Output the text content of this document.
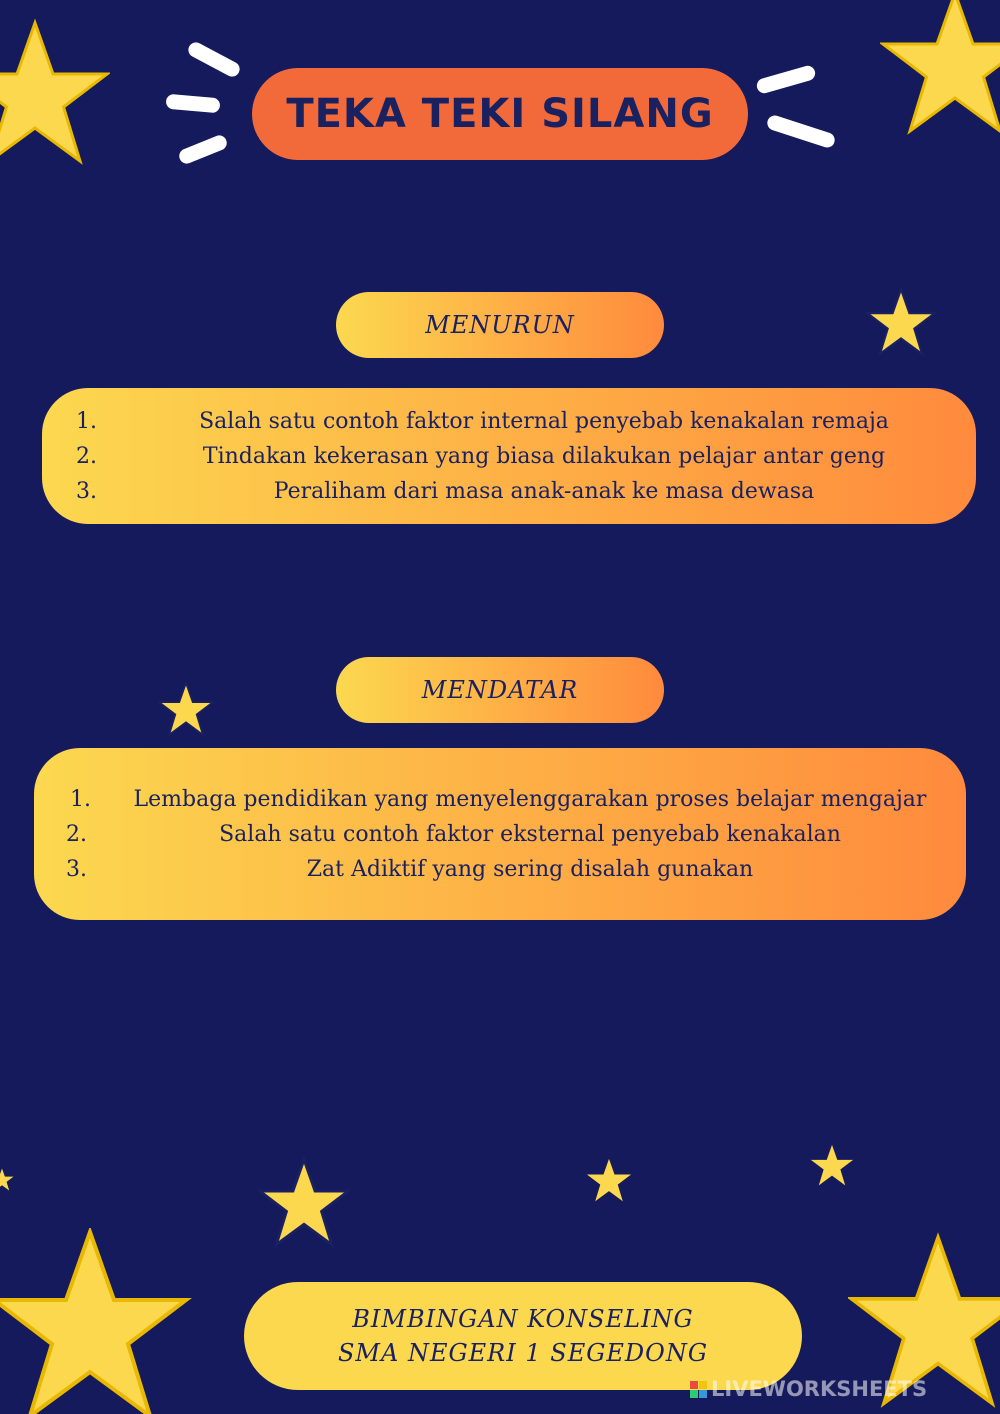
TEKA TEKI SILANG
MENURUN
1.	Salah satu contoh faktor internal penyebab kenakalan remaja
2.	Tindakan kekerasan yang biasa dilakukan pelajar antar geng
3.	Peraliham dari masa anak-anak ke masa dewasa
MENDATAR
1.	Lembaga pendidikan yang menyelenggarakan proses belajar mengajar
2.	Salah satu contoh faktor eksternal penyebab kenakalan
3.	Zat Adiktif yang sering disalah gunakan
BIMBINGAN KONSELING
SMA NEGERI 1 SEGEDONG
LIVEWORKSHEETS
